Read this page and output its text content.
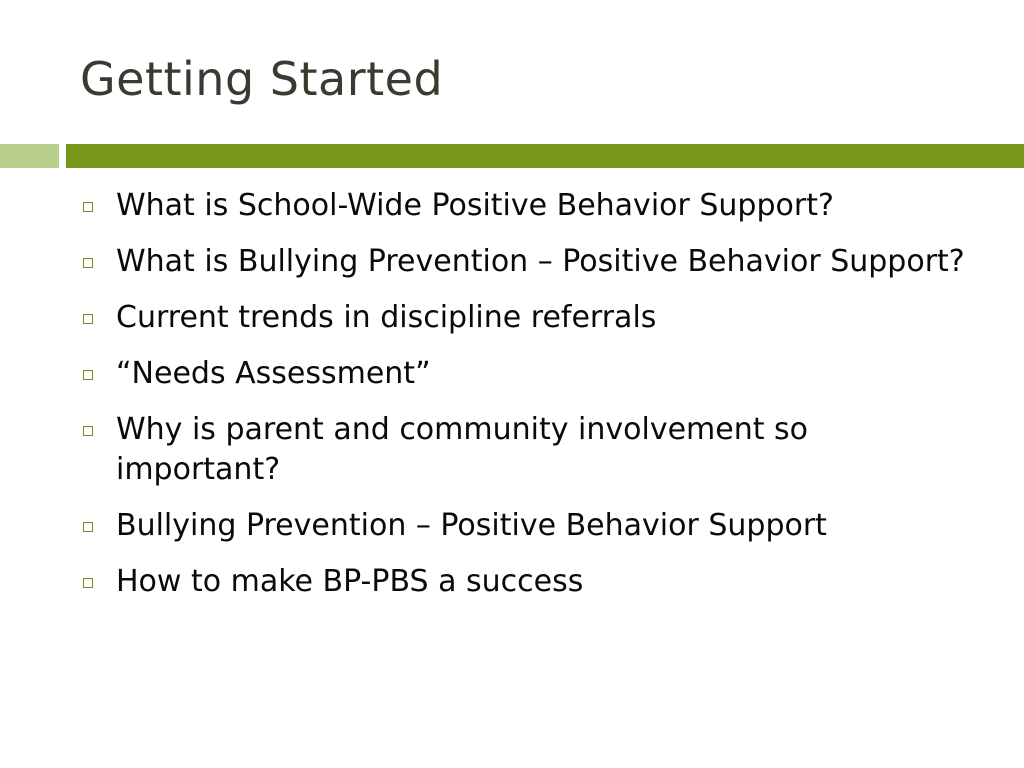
Getting Started
What is School-Wide Positive Behavior Support?
What is Bullying Prevention – Positive Behavior Support?
Current trends in discipline referrals
“Needs Assessment”
Why is parent and community involvement so important?
Bullying Prevention – Positive Behavior Support
How to make BP-PBS a success
